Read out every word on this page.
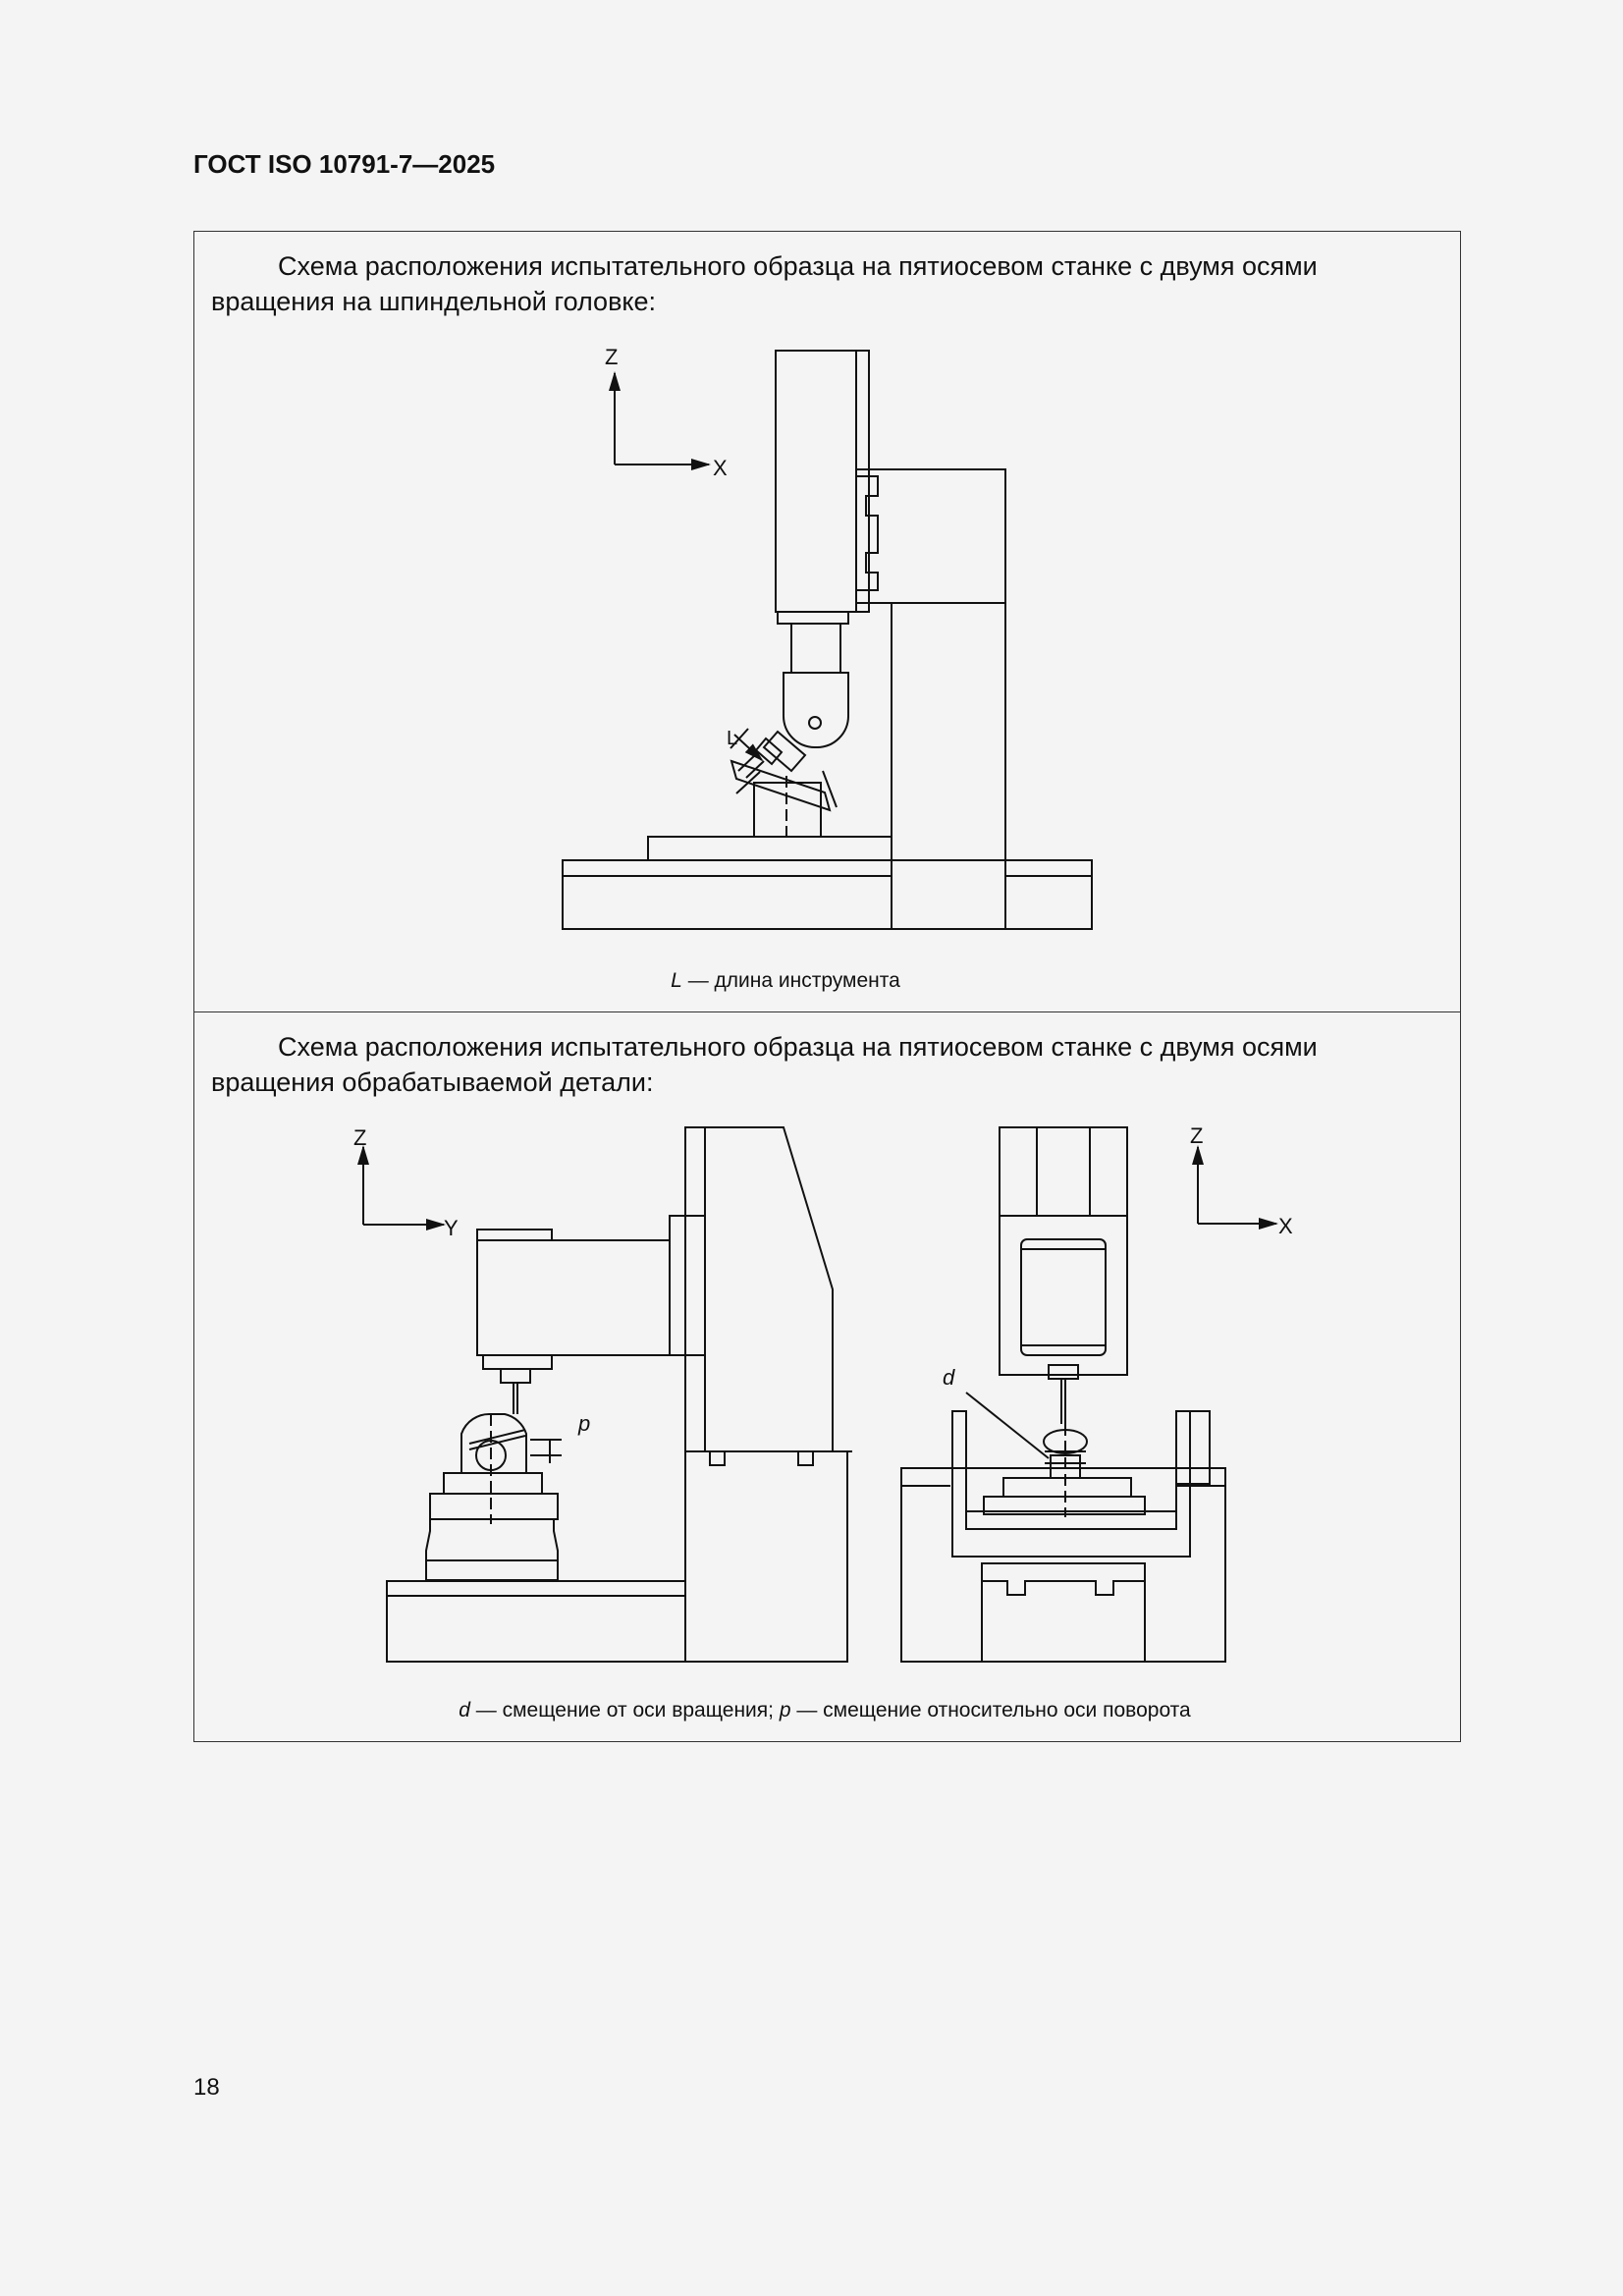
ГОСТ ISO 10791-7—2025
Схема расположения испытательного образца на пятиосевом станке с двумя осями вращения на шпиндельной головке:
Схема расположения испытательного образца на пятиосевом станке с двумя осями вращения обрабатываемой детали:
L — длина инструмента
d — смещение от оси вращения; p — смещение относительно оси поворота
18
Z
X
L
Z
Y
p
Z
X
d
